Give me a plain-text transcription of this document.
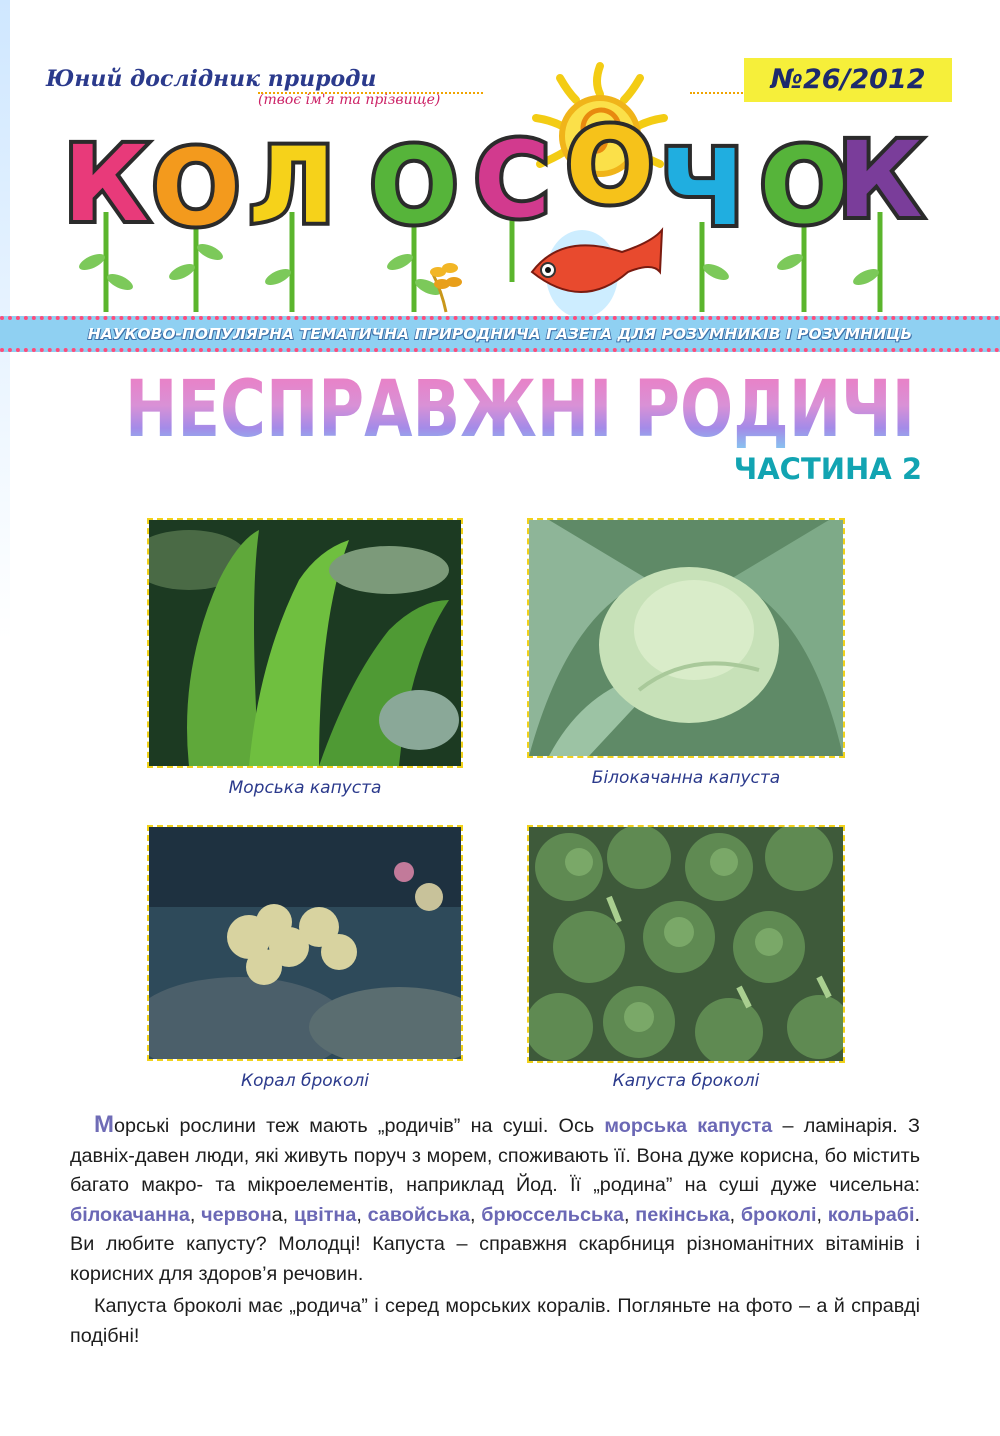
Юний дослідник природи
(твоє ім'я та прізвище)
№26/2012
К О Л О С О Ч О
К
НАУКОВО-ПОПУЛЯРНА ТЕМАТИЧНА ПРИРОДНИЧА ГАЗЕТА ДЛЯ РОЗУМНИКІВ І РОЗУМНИЦЬ
НЕСПРАВЖНІ РОДИЧІ
ЧАСТИНА 2
Морська капуста	Білокачанна капуста
Корал броколі	Капуста броколі

Морські рослини теж мають „родичів” на суші. Ось морська капуста – ламінарія. З давніх-давен люди, які живуть поруч з морем, споживають її. Вона дуже корисна, бо містить багато макро- та мікроелементів, наприклад Йод. Її „родина” на суші дуже чисельна: білокачанна, червона, цвітна, савойська, брюссельська, пекінська, броколі, кольрабі. Ви любите капусту? Молодці! Капуста – справжня скарбниця різноманітних вітамінів і корисних для здоров’я речовин.

Капуста броколі має „родича” і серед морських коралів. Погляньте на фото – а й справді подібні!
